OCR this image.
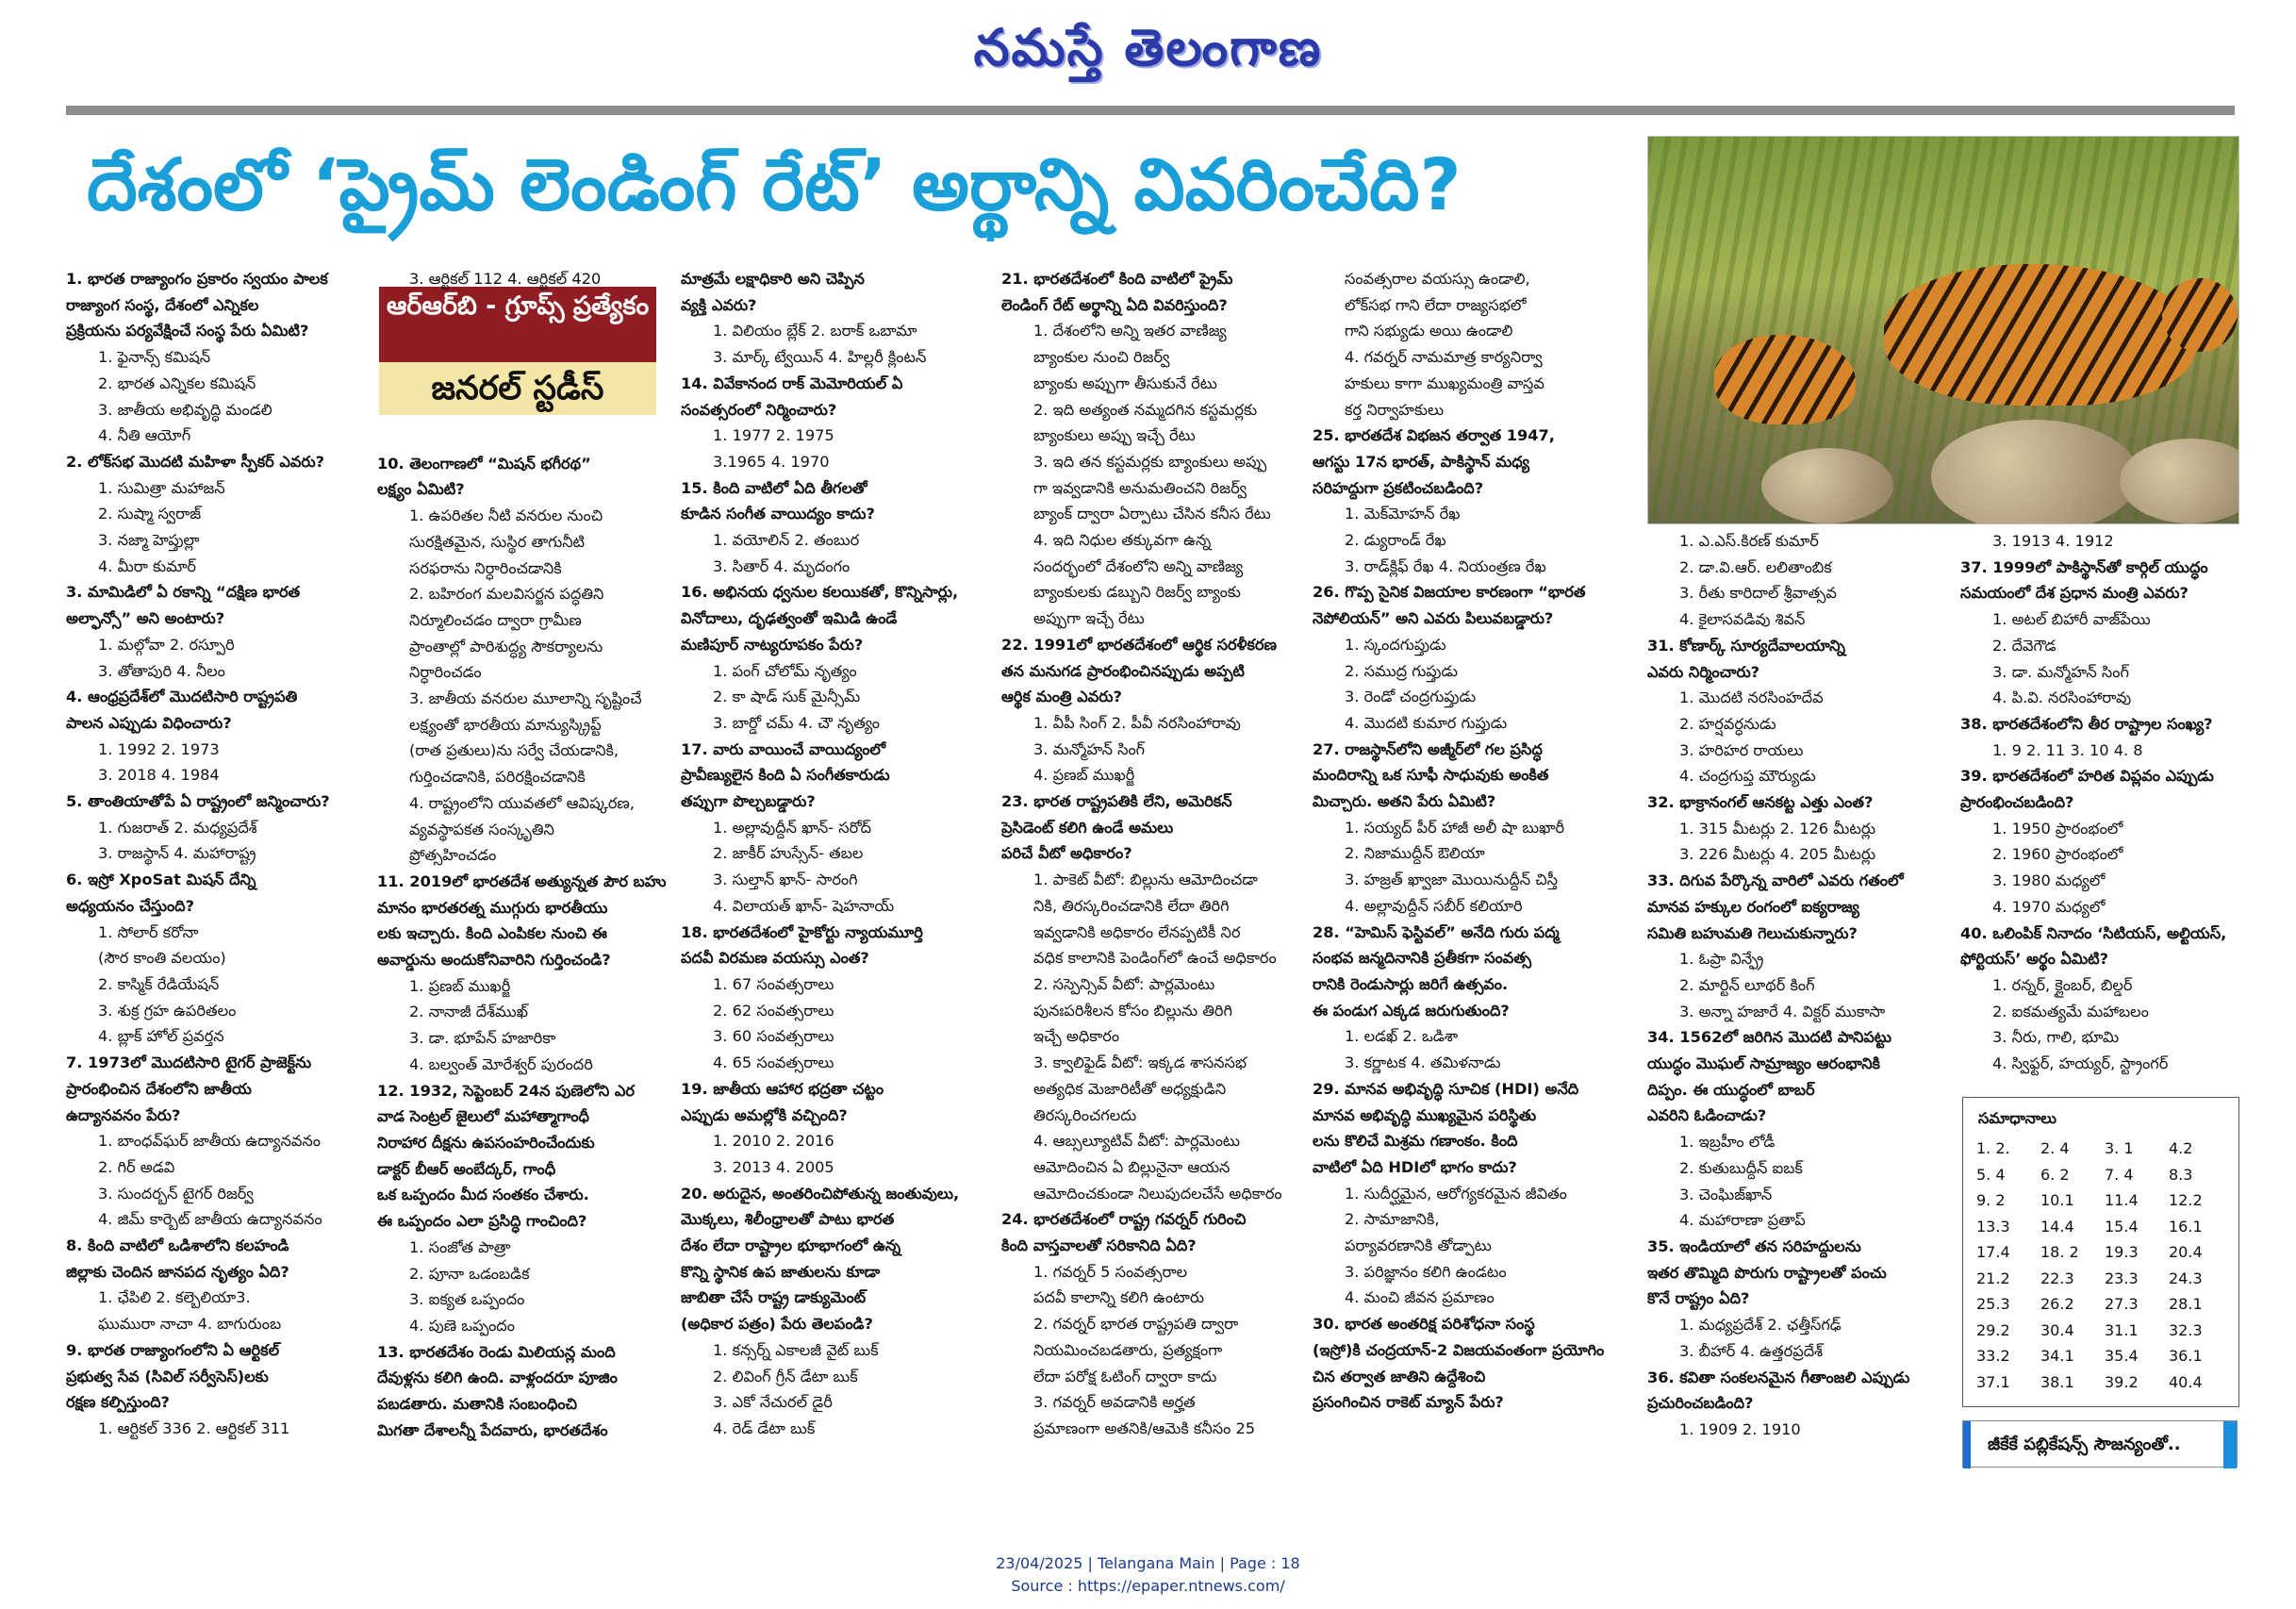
నమస్తే తెలంగాణ
దేశంలో ‘ప్రైమ్ లెండింగ్ రేట్’ అర్థాన్ని వివరించేది?
ఆర్ఆర్‌బి - గ్రూప్స్ ప్రత్యేకం
జనరల్ స్టడీస్
1. భారత రాజ్యాంగం ప్రకారం స్వయం పాలక
రాజ్యాంగ సంస్థ, దేశంలో ఎన్నికల
ప్రక్రియను పర్యవేక్షించే సంస్థ పేరు ఏమిటి?
1. ఫైనాన్స్ కమిషన్
2. భారత ఎన్నికల కమిషన్
3. జాతీయ అభివృద్ధి మండలి
4. నీతి ఆయోగ్
2. లోక్‌సభ మొదటి మహిళా స్పీకర్ ఎవరు?
1. సుమిత్రా మహాజన్
2. సుష్మా స్వరాజ్
3. నజ్మా హెప్తుల్లా
4. మీరా కుమార్
3. మామిడిలో ఏ రకాన్ని “దక్షిణ భారత
అల్ఫాన్సో” అని అంటారు?
1. మల్గోవా 2. రస్పూరి
3. తోతాపురి 4. నీలం
4. ఆంధ్రప్రదేశ్‌లో మొదటిసారి రాష్ట్రపతి
పాలన ఎప్పుడు విధించారు?
1. 1992 2. 1973
3. 2018 4. 1984
5. తాంతియాతోపే ఏ రాష్ట్రంలో జన్మించారు?
1. గుజరాత్ 2. మధ్యప్రదేశ్
3. రాజస్థాన్ 4. మహారాష్ట్ర
6. ఇస్రో XpoSat మిషన్ దేన్ని
అధ్యయనం చేస్తుంది?
1. సోలార్ కరోనా
(సౌర కాంతి వలయం)
2. కాస్మిక్ రేడియేషన్
3. శుక్ర గ్రహ ఉపరితలం
4. బ్లాక్ హోల్ ప్రవర్తన
7. 1973లో మొదటిసారి టైగర్ ప్రాజెక్ట్‌ను
ప్రారంభించిన దేశంలోని జాతీయ
ఉద్యానవనం పేరు?
1. బాంధవ్‌ఘర్ జాతీయ ఉద్యానవనం
2. గిర్ అడవి
3. సుందర్బన్ టైగర్ రిజర్వ్
4. జిమ్ కార్బెట్ జాతీయ ఉద్యానవనం
8. కింది వాటిలో ఒడిశాలోని కలహండి
జిల్లాకు చెందిన జానపద నృత్యం ఏది?
1. ఛేపిలి 2. కల్బెలియా3.
ఘుమురా నాచా 4. బాగురుంబ
9. భారత రాజ్యాంగంలోని ఏ ఆర్టికల్
ప్రభుత్వ సేవ (సివిల్ సర్వీసెస్)లకు
రక్షణ కల్పిస్తుంది?
1. ఆర్టికల్ 336 2. ఆర్టికల్ 311
3. ఆర్టికల్ 112 4. ఆర్టికల్ 420
10. తెలంగాణలో “మిషన్ భగీరథ”
లక్ష్యం ఏమిటి?
1. ఉపరితల నీటి వనరుల నుంచి
సురక్షితమైన, సుస్థిర తాగునీటి
సరఫరాను నిర్ధారించడానికి
2. బహిరంగ మలవిసర్జన పద్ధతిని
నిర్మూలించడం ద్వారా గ్రామీణ
ప్రాంతాల్లో పారిశుద్ధ్య సౌకర్యాలను
నిర్ధారించడం
3. జాతీయ వనరుల మూలాన్ని సృష్టించే
లక్ష్యంతో భారతీయ మాన్యుస్క్రిప్ట్
(రాత ప్రతులు)ను సర్వే చేయడానికి,
గుర్తించడానికి, పరిరక్షించడానికి
4. రాష్ట్రంలోని యువతలో ఆవిష్కరణ,
వ్యవస్థాపకత సంస్కృతిని
ప్రోత్సహించడం
11. 2019లో భారతదేశ అత్యున్నత పౌర బహు
మానం భారతరత్న ముగ్గురు భారతీయు
లకు ఇచ్చారు. కింది ఎంపికల నుంచి ఈ
అవార్డును అందుకోనివారిని గుర్తించండి?
1. ప్రణబ్ ముఖర్జీ
2. నానాజీ దేశ్‌ముఖ్
3. డా. భూపేన్ హజారికా
4. బల్వంత్ మోరేశ్వర్ పురందరి
12. 1932, సెప్టెంబర్ 24న పుణెలోని ఎర
వాడ సెంట్రల్ జైలులో మహాత్మాగాంధీ
నిరాహార దీక్షను ఉపసంహరించేందుకు
డాక్టర్ బీఆర్ అంబేద్కర్, గాంధీ
ఒక ఒప్పందం మీద సంతకం చేశారు.
ఈ ఒప్పందం ఎలా ప్రసిద్ధి గాంచింది?
1. సంజోత పాత్రా
2. పూనా ఒడంబడిక
3. ఐక్యత ఒప్పందం
4. పుణె ఒప్పందం
13. భారతదేశం రెండు మిలియన్ల మంది
దేవుళ్లను కలిగి ఉంది. వాళ్లందరూ పూజిం
పబడతారు. మతానికి సంబంధించి
మిగతా దేశాలన్నీ పేదవారు, భారతదేశం
మాత్రమే లక్షాధికారి అని చెప్పిన
వ్యక్తి ఎవరు?
1. విలియం బ్లేక్ 2. బరాక్ ఒబామా
3. మార్క్ ట్వేయిన్ 4. హిల్లరీ క్లింటన్
14. వివేకానంద రాక్ మెమోరియల్ ఏ
సంవత్సరంలో నిర్మించారు?
1. 1977 2. 1975
3.1965 4. 1970
15. కింది వాటిలో ఏది తీగలతో
కూడిన సంగీత వాయిద్యం కాదు?
1. వయోలిన్ 2. తంబుర
3. సితార్ 4. మృదంగం
16. అభినయ ధ్వనుల కలయికతో, కొన్నిసార్లు,
వినోదాలు, దృఢత్వంతో ఇమిడి ఉండే
మణిపూర్ నాట్యరూపకం పేరు?
1. పంగ్ చోలోమ్ నృత్యం
2. కా షాడ్ సుక్ మైన్సీమ్
3. బార్డో చమ్ 4. చౌ నృత్యం
17. వారు వాయించే వాయిద్యంలో
ప్రావీణ్యులైన కింది ఏ సంగీతకారుడు
తప్పుగా పొల్చబడ్డారు?
1. అల్లావుద్దీన్ ఖాన్- సరోద్
2. జాకీర్ హుస్సేన్- తబల
3. సుల్తాన్ ఖాన్- సారంగి
4. విలాయత్ ఖాన్- షెహనాయ్
18. భారతదేశంలో హైకోర్టు న్యాయమూర్తి
పదవీ విరమణ వయస్సు ఎంత?
1. 67 సంవత్సరాలు
2. 62 సంవత్సరాలు
3. 60 సంవత్సరాలు
4. 65 సంవత్సరాలు
19. జాతీయ ఆహార భద్రతా చట్టం
ఎప్పుడు అమల్లోకి వచ్చింది?
1. 2010 2. 2016
3. 2013 4. 2005
20. అరుదైన, అంతరించిపోతున్న జంతువులు,
మొక్కలు, శిలీంధ్రాలతో పాటు భారత
దేశం లేదా రాష్ట్రాల భూభాగంలో ఉన్న
కొన్ని స్థానిక ఉప జాతులను కూడా
జాబితా చేసే రాష్ట్ర డాక్యుమెంట్
(అధికార పత్రం) పేరు తెలపండి?
1. కన్సర్న్ ఎకాలజీ వైట్ బుక్
2. లివింగ్ గ్రీన్ డేటా బుక్
3. ఎకో నేచురల్ డైరీ
4. రెడ్ డేటా బుక్
21. భారతదేశంలో కింది వాటిలో ప్రైమ్
లెండింగ్ రేట్ అర్థాన్ని ఏది వివరిస్తుంది?
1. దేశంలోని అన్ని ఇతర వాణిజ్య
బ్యాంకుల నుంచి రిజర్వ్
బ్యాంకు అప్పుగా తీసుకునే రేటు
2. ఇది అత్యంత నమ్మదగిన కస్టమర్లకు
బ్యాంకులు అప్పు ఇచ్చే రేటు
3. ఇది తన కస్టమర్లకు బ్యాంకులు అప్పు
గా ఇవ్వడానికి అనుమతించని రిజర్వ్
బ్యాంక్ ద్వారా ఏర్పాటు చేసిన కనీస రేటు
4. ఇది నిధుల తక్కువగా ఉన్న
సందర్భంలో దేశంలోని అన్ని వాణిజ్య
బ్యాంకులకు డబ్బుని రిజర్వ్ బ్యాంకు
అప్పుగా ఇచ్చే రేటు
22. 1991లో భారతదేశంలో ఆర్థిక సరళీకరణ
తన మనుగడ ప్రారంభించినప్పుడు అప్పటి
ఆర్థిక మంత్రి ఎవరు?
1. వీపీ సింగ్ 2. పీవీ నరసింహారావు
3. మన్మోహన్ సింగ్
4. ప్రణబ్ ముఖర్జీ
23. భారత రాష్ట్రపతికి లేని, అమెరికన్
ప్రెసిడెంట్ కలిగి ఉండే అమలు
పరిచే వీటో అధికారం?
1. పాకెట్ వీటో: బిల్లును ఆమోదించడా
నికి, తిరస్కరించడానికి లేదా తిరిగి
ఇవ్వడానికి అధికారం లేనప్పటికీ నిర
వధిక కాలానికి పెండింగ్‌లో ఉంచే అధికారం
2. సస్పెన్సివ్ వీటో: పార్లమెంటు
పునఃపరిశీలన కోసం బిల్లును తిరిగి
ఇచ్చే అధికారం
3. క్వాలిఫైడ్ వీటో: ఇక్కడ శాసనసభ
అత్యధిక మెజారిటీతో అధ్యక్షుడిని
తిరస్కరించగలదు
4. ఆబ్సల్యూటివ్ వీటో: పార్లమెంటు
ఆమోదించిన ఏ బిల్లునైనా ఆయన
ఆమోదించకుండా నిలుపుదలచేసే అధికారం
24. భారతదేశంలో రాష్ట్ర గవర్నర్ గురించి
కింది వాస్తవాలతో సరికానిది ఏది?
1. గవర్నర్ 5 సంవత్సరాల
పదవీ కాలాన్ని కలిగి ఉంటారు
2. గవర్నర్ భారత రాష్ట్రపతి ద్వారా
నియమించబడతారు, ప్రత్యక్షంగా
లేదా పరోక్ష ఓటింగ్ ద్వారా కాదు
3. గవర్నర్ అవడానికి అర్హత
ప్రమాణంగా అతనికి/ఆమెకి కనీసం 25
సంవత్సరాల వయస్సు ఉండాలి,
లోక్‌సభ గాని లేదా రాజ్యసభలో
గాని సభ్యుడు అయి ఉండాలి
4. గవర్నర్ నామమాత్ర కార్యనిర్వా
హకులు కాగా ముఖ్యమంత్రి వాస్తవ
కర్త నిర్వాహకులు
25. భారతదేశ విభజన తర్వాత 1947,
ఆగస్టు 17న భారత్, పాకిస్థాన్ మధ్య
సరిహద్దుగా ప్రకటించబడింది?
1. మెక్‌మోహన్ రేఖ
2. డ్యురాండ్ రేఖ
3. రాడ్‌క్లిఫ్ రేఖ 4. నియంత్రణ రేఖ
26. గొప్ప సైనిక విజయాల కారణంగా “భారత
నెపోలియన్” అని ఎవరు పిలువబడ్డారు?
1. స్కందగుప్తుడు
2. సముద్ర గుప్తుడు
3. రెండో చంద్రగుప్తుడు
4. మొదటి కుమార గుప్తుడు
27. రాజస్థాన్‌లోని అజ్మీర్‌లో గల ప్రసిద్ధ
మందిరాన్ని ఒక సూఫీ సాధువుకు అంకిత
మిచ్చారు. అతని పేరు ఏమిటి?
1. సయ్యద్ పీర్ హాజీ అలీ షా బుఖారీ
2. నిజాముద్దీన్ ఔలియా
3. హజ్రత్ ఖ్వాజా మొయినుద్దీన్ చిస్తీ
4. అల్లావుద్దీన్ సబీర్ కలియారి
28. “హెమిస్ ఫెస్టివల్” అనేది గురు పద్మ
సంభవ జన్మదినానికి ప్రతీకగా సంవత్స
రానికి రెండుసార్లు జరిగే ఉత్సవం.
ఈ పండుగ ఎక్కడ జరుగుతుంది?
1. లడఖ్ 2. ఒడిశా
3. కర్ణాటక 4. తమిళనాడు
29. మానవ అభివృద్ధి సూచిక (HDI) అనేది
మానవ అభివృద్ధి ముఖ్యమైన పరిస్థితు
లను కొలిచే మిశ్రమ గణాంకం. కింది
వాటిలో ఏది HDIలో భాగం కాదు?
1. సుదీర్ఘమైన, ఆరోగ్యకరమైన జీవితం
2. సామాజానికి,
పర్యావరణానికి తోడ్పాటు
3. పరిజ్ఞానం కలిగి ఉండటం
4. మంచి జీవన ప్రమాణం
30. భారత అంతరిక్ష పరిశోధనా సంస్థ
(ఇస్రో)కి చంద్రయాన్-2 విజయవంతంగా ప్రయోగిం
చిన తర్వాత జాతిని ఉద్దేశించి
ప్రసంగించిన రాకెట్ మ్యాన్ పేరు?
1. ఎ.ఎస్.కిరణ్ కుమార్
2. డా.వి.ఆర్. లలితాంబిక
3. రీతు కారిదాల్ శ్రీవాత్సవ
4. కైలాసవడివు శివన్
31. కోణార్క్ సూర్యదేవాలయాన్ని
ఎవరు నిర్మించారు?
1. మొదటి నరసింహదేవ
2. హర్షవర్ధనుడు
3. హరిహర రాయలు
4. చంద్రగుప్త మౌర్యుడు
32. భాక్రానంగల్ ఆనకట్ట ఎత్తు ఎంత?
1. 315 మీటర్లు 2. 126 మీటర్లు
3. 226 మీటర్లు 4. 205 మీటర్లు
33. దిగువ పేర్కొన్న వారిలో ఎవరు గతంలో
మానవ హక్కుల రంగంలో ఐక్యరాజ్య
సమితి బహుమతి గెలుచుకున్నారు?
1. ఓప్రా విన్ఫ్రే
2. మార్టిన్ లూథర్ కింగ్
3. అన్నా హజారే 4. విక్టర్ ముకాసా
34. 1562లో జరిగిన మొదటి పానిపట్టు
యుద్ధం మొఘల్ సామ్రాజ్యం ఆరంభానికి
దిప్పం. ఈ యుద్ధంలో బాబర్
ఎవరిని ఓడించాడు?
1. ఇబ్రహీం లోడీ
2. కుతుబుద్దీన్ ఐబక్
3. చెంఘిజ్‌ఖాన్
4. మహారాణా ప్రతాప్
35. ఇండియాలో తన సరిహద్దులను
ఇతర తొమ్మిది పొరుగు రాష్ట్రాలతో పంచు
కొనే రాష్ట్రం ఏది?
1. మధ్యప్రదేశ్ 2. ఛత్తీస్‌గఢ్
3. బీహార్ 4. ఉత్తరప్రదేశ్
36. కవితా సంకలనమైన గీతాంజలి ఎప్పుడు
ప్రచురించబడింది?
1. 1909 2. 1910
3. 1913 4. 1912
37. 1999లో పాకిస్థాన్‌తో కార్గిల్ యుద్ధం
సమయంలో దేశ ప్రధాన మంత్రి ఎవరు?
1. అటల్ బిహారీ వాజ్‌పేయి
2. దేవెగౌడ
3. డా. మన్మోహన్ సింగ్
4. పి.వి. నరసింహారావు
38. భారతదేశంలోని తీర రాష్ట్రాల సంఖ్య?
1. 9 2. 11 3. 10 4. 8
39. భారతదేశంలో హరిత విప్లవం ఎప్పుడు
ప్రారంభించబడింది?
1. 1950 ప్రారంభంలో
2. 1960 ప్రారంభంలో
3. 1980 మధ్యలో
4. 1970 మధ్యలో
40. ఒలింపిక్ నినాదం ‘సిటియస్, అల్టియస్,
ఫోర్టియస్’ అర్థం ఏమిటి?
1. రన్నర్, క్లైంబర్, బిల్డర్
2. ఐకమత్యమే మహాబలం
3. నీరు, గాలి, భూమి
4. స్విఫ్టర్, హయ్యర్, స్ట్రాంగర్
సమాధానాలు
1. 2.	2. 4	3. 1	4.2
5. 4	6. 2	7. 4	8.3
9. 2	10.1	11.4	12.2
13.3	14.4	15.4	16.1
17.4	18. 2	19.3	20.4
21.2	22.3	23.3	24.3
25.3	26.2	27.3	28.1
29.2	30.4	31.1	32.3
33.2	34.1	35.4	36.1
37.1	38.1	39.2	40.4
జీకేకే పబ్లికేషన్స్ సౌజన్యంతో..
23/04/2025 | Telangana Main | Page : 18
Source : https://epaper.ntnews.com/
